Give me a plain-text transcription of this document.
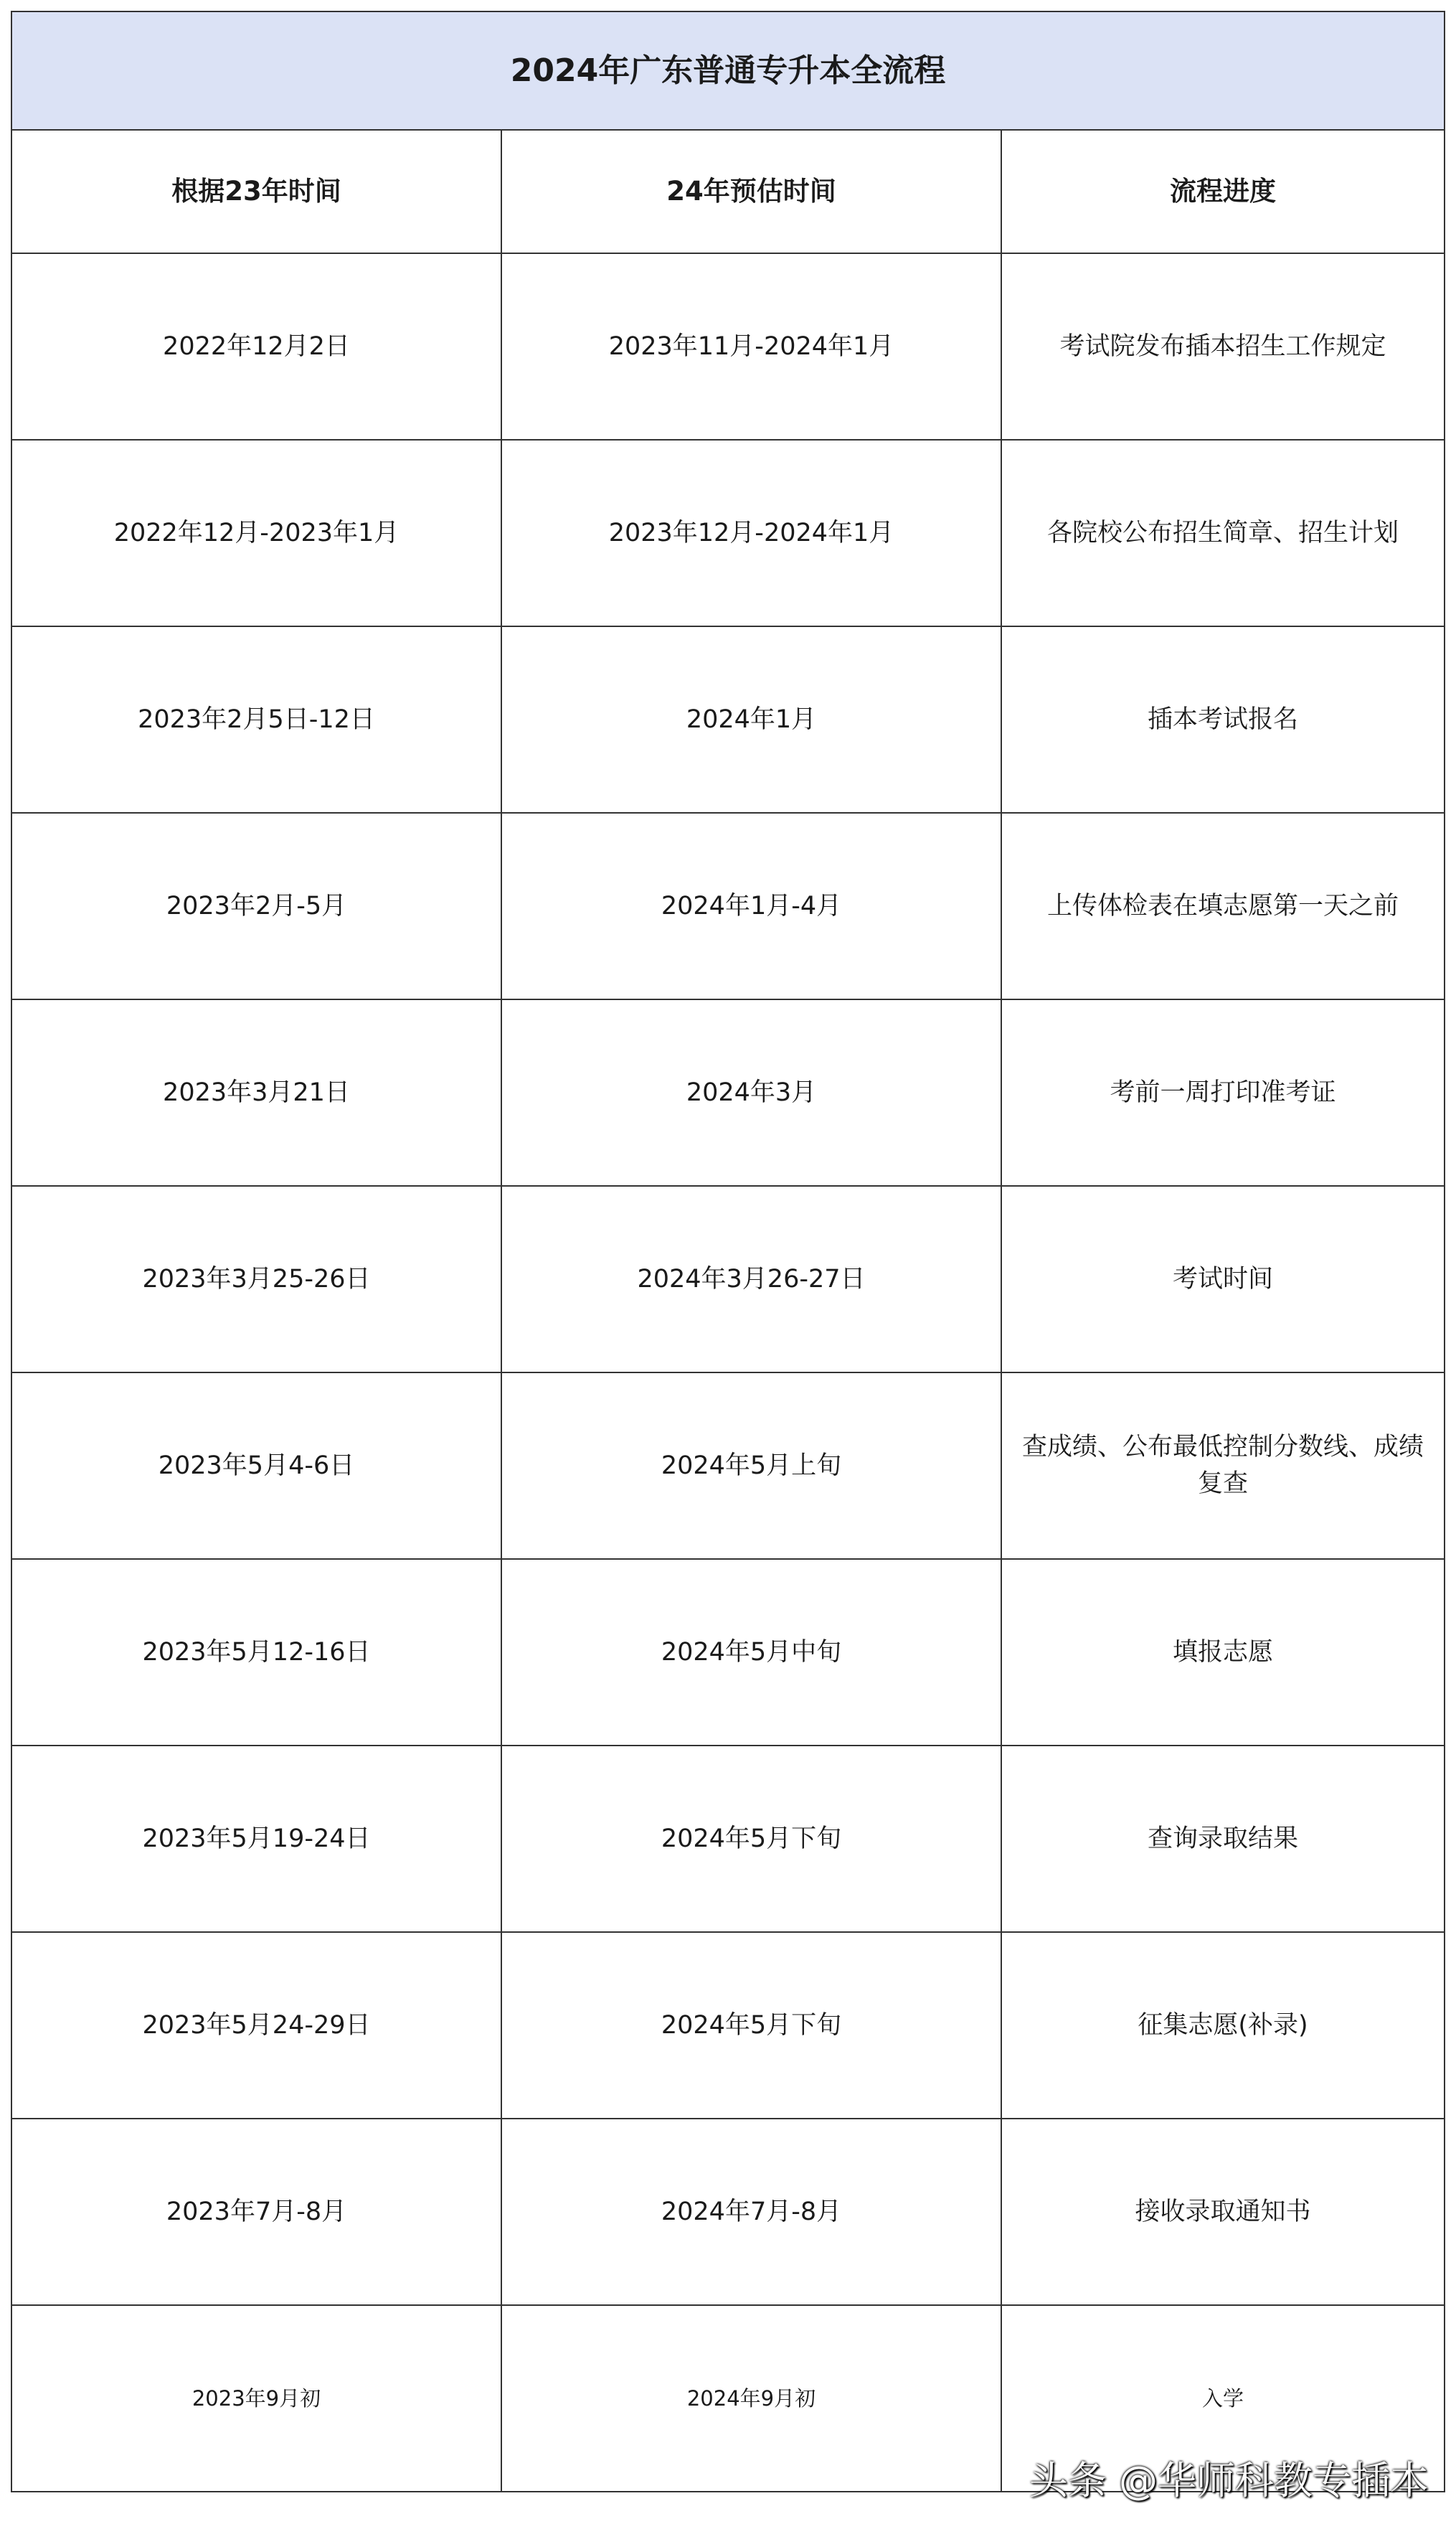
2024年广东普通专升本全流程		
根据23年时间	24年预估时间	流程进度
2022年12月2日	2023年11月-2024年1月	考试院发布插本招生工作规定
2022年12月-2023年1月	2023年12月-2024年1月	各院校公布招生简章、招生计划
2023年2月5日-12日	2024年1月	插本考试报名
2023年2月-5月	2024年1月-4月	上传体检表在填志愿第一天之前
2023年3月21日	2024年3月	考前一周打印准考证
2023年3月25-26日	2024年3月26-27日	考试时间
2023年5月4-6日	2024年5月上旬	查成绩、公布最低控制分数线、成绩复查
2023年5月12-16日	2024年5月中旬	填报志愿
2023年5月19-24日	2024年5月下旬	查询录取结果
2023年5月24-29日	2024年5月下旬	征集志愿(补录)
2023年7月-8月	2024年7月-8月	接收录取通知书
2023年9月初	2024年9月初	入学
头条 @华师科教专插本
